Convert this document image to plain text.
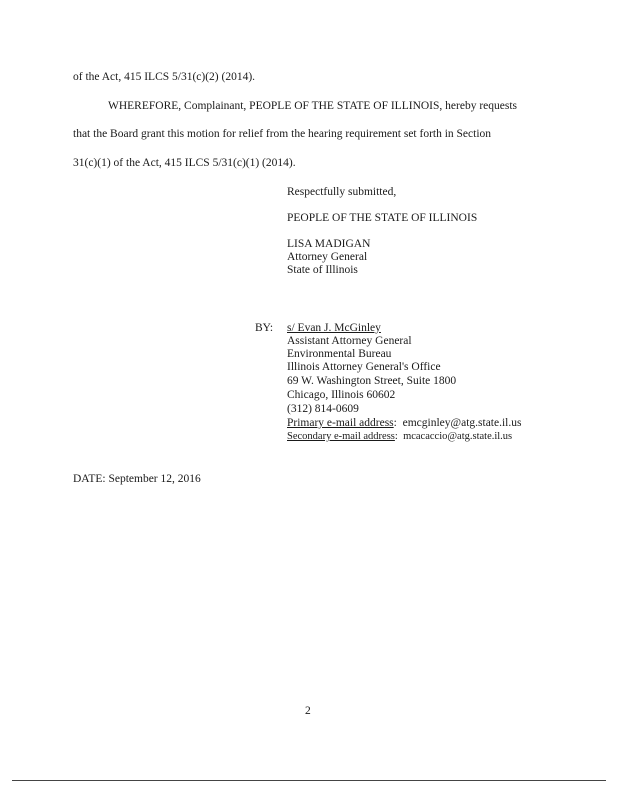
of the Act, 415 ILCS 5/31(c)(2) (2014).
WHEREFORE, Complainant, PEOPLE OF THE STATE OF ILLINOIS, hereby requests
that the Board grant this motion for relief from the hearing requirement set forth in Section
31(c)(1) of the Act, 415 ILCS 5/31(c)(1) (2014).
Respectfully submitted,
PEOPLE OF THE STATE OF ILLINOIS
LISA MADIGAN
Attorney General
State of Illinois
BY: s/ Evan J. McGinley
Assistant Attorney General
Environmental Bureau
Illinois Attorney General's Office
69 W. Washington Street, Suite 1800
Chicago, Illinois 60602
(312) 814-0609
Primary e-mail address:  emcginley@atg.state.il.us
Secondary e-mail address:  mcacaccio@atg.state.il.us
DATE: September 12, 2016
2
